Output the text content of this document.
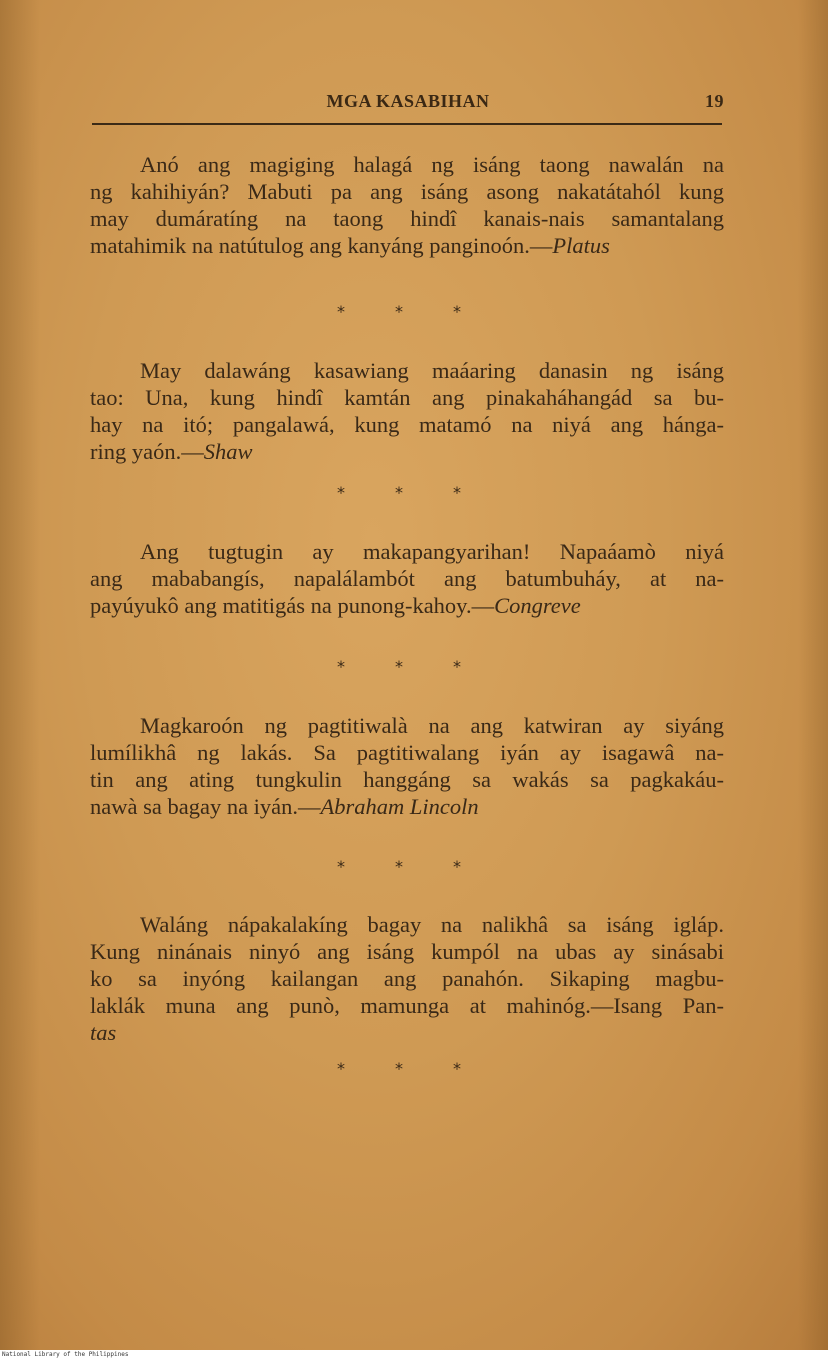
MGA KASABIHAN	19
Anó ang magiging halagá ng isáng taong nawalán na
ng kahihiyán? Mabuti pa ang isáng asong nakatátahól kung
may dumáratíng na taong hindî kanais-nais samantalang
matahimik na natútulog ang kanyáng panginoón.—Platus
*	*	*
May dalawáng kasawiang maáaring danasin ng isáng
tao: Una, kung hindî kamtán ang pinakaháhangád sa bu-
hay na itó; pangalawá, kung matamó na niyá ang hánga-
ring yaón.—Shaw
*	*	*
Ang tugtugin ay makapangyarihan! Napaáamò niyá
ang mababangís, napalálambót ang batumbuháy, at na-
payúyukô ang matitigás na punong-kahoy.—Congreve
*	*	*
Magkaroón ng pagtitiwalà na ang katwiran ay siyáng
lumílikhâ ng lakás. Sa pagtitiwalang iyán ay isagawâ na-
tin ang ating tungkulin hanggáng sa wakás sa pagkakáu-
nawà sa bagay na iyán.—Abraham Lincoln
*	*	*
Waláng nápakalakíng bagay na nalikhâ sa isáng igláp.
Kung ninánais ninyó ang isáng kumpól na ubas ay sinásabi
ko sa inyóng kailangan ang panahón. Sikaping magbu-
laklák muna ang punò, mamunga at mahinóg.—Isang Pan-
tas
*	*	*
National Library of the Philippines
